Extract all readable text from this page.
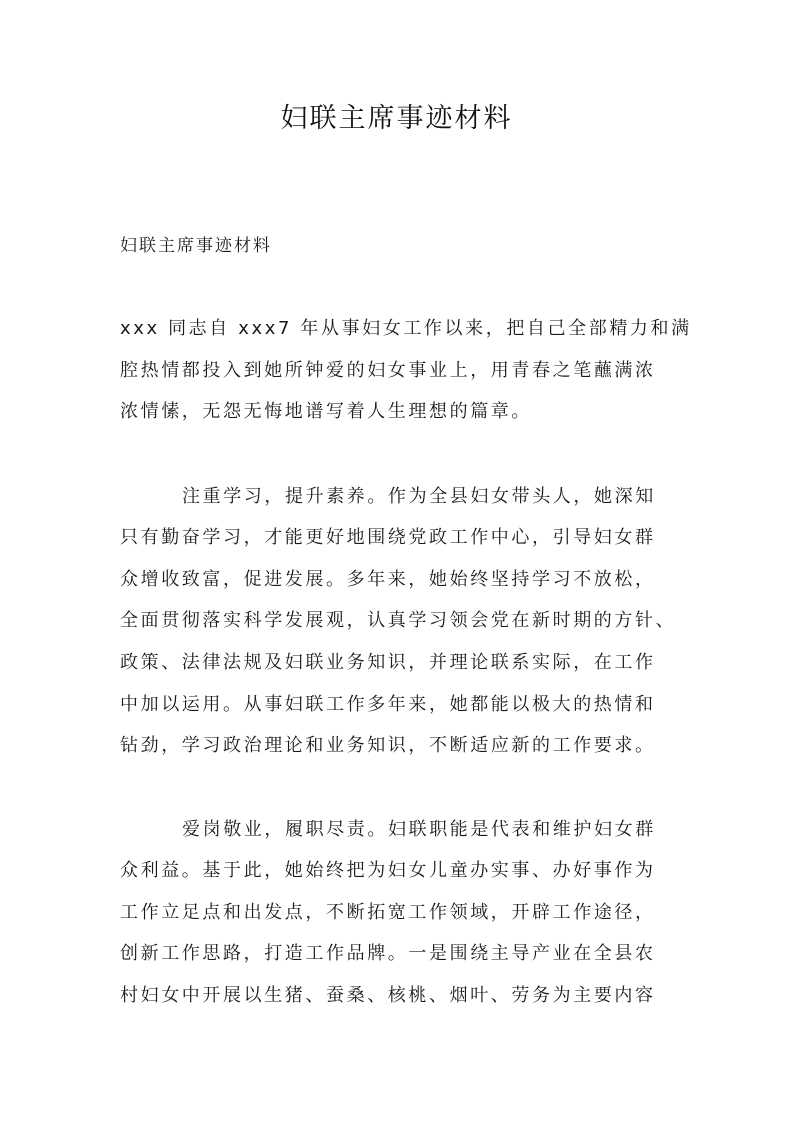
妇联主席事迹材料
妇联主席事迹材料
xxx 同志自 xxx7 年从事妇女工作以来，把自己全部精力和满
腔热情都投入到她所钟爱的妇女事业上，用青春之笔蘸满浓
浓情愫，无怨无悔地谱写着人生理想的篇章。
注重学习，提升素养。作为全县妇女带头人，她深知
只有勤奋学习，才能更好地围绕党政工作中心，引导妇女群
众增收致富，促进发展。多年来，她始终坚持学习不放松，
全面贯彻落实科学发展观，认真学习领会党在新时期的方针、
政策、法律法规及妇联业务知识，并理论联系实际，在工作
中加以运用。从事妇联工作多年来，她都能以极大的热情和
钻劲，学习政治理论和业务知识，不断适应新的工作要求。
爱岗敬业，履职尽责。妇联职能是代表和维护妇女群
众利益。基于此，她始终把为妇女儿童办实事、办好事作为
工作立足点和出发点，不断拓宽工作领域，开辟工作途径，
创新工作思路，打造工作品牌。一是围绕主导产业在全县农
村妇女中开展以生猪、蚕桑、核桃、烟叶、劳务为主要内容
